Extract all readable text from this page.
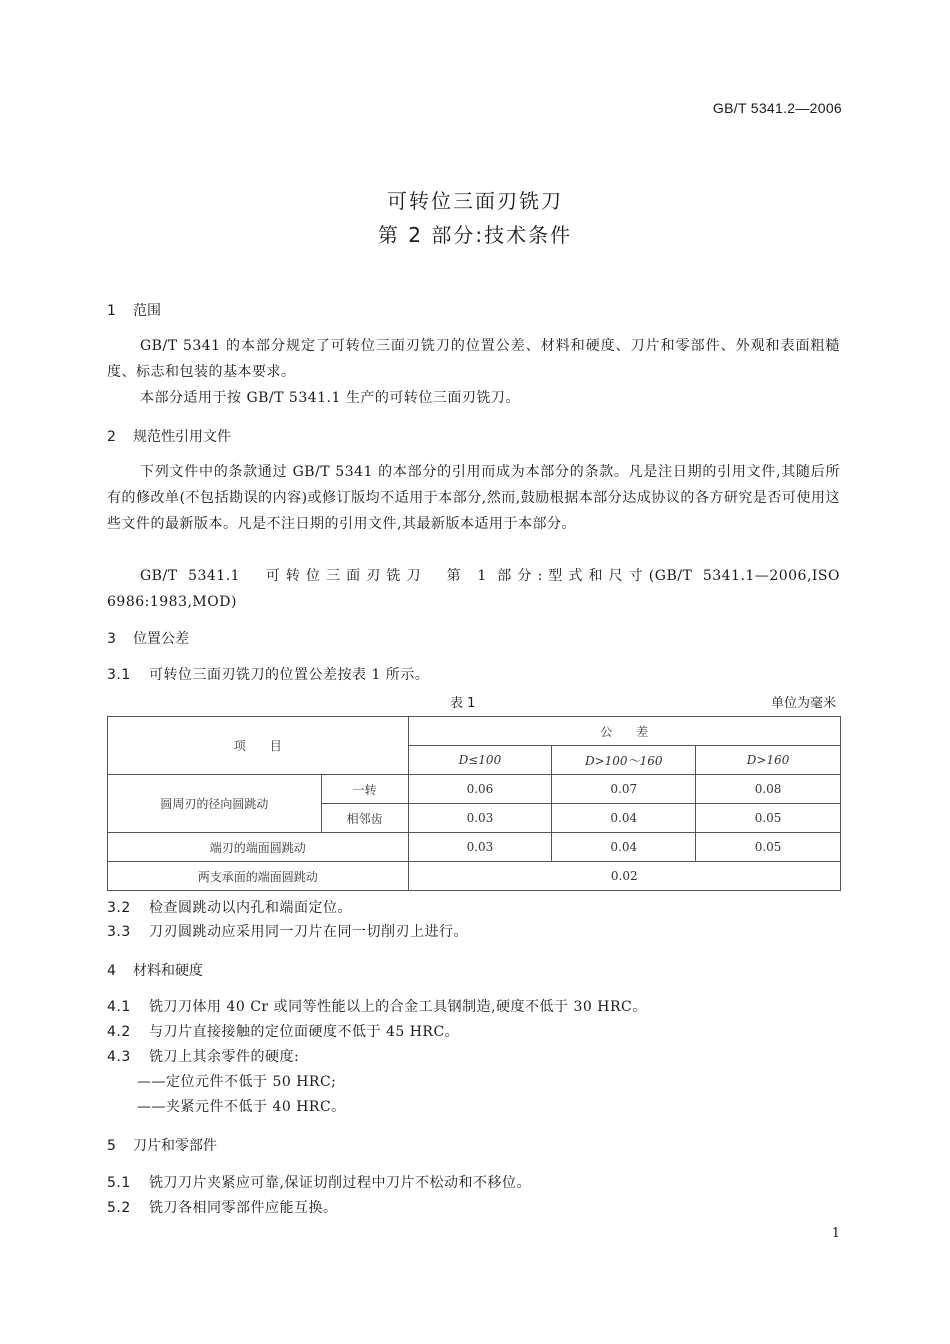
GB/T 5341.2—2006
可转位三面刃铣刀
第 2 部分:技术条件
1 范围
GB/T 5341 的本部分规定了可转位三面刃铣刀的位置公差、材料和硬度、刀片和零部件、外观和表面粗糙度、标志和包装的基本要求。
本部分适用于按 GB/T 5341.1 生产的可转位三面刃铣刀。
2 规范性引用文件
下列文件中的条款通过 GB/T 5341 的本部分的引用而成为本部分的条款。凡是注日期的引用文件,其随后所有的修改单(不包括勘误的内容)或修订版均不适用于本部分,然而,鼓励根据本部分达成协议的各方研究是否可使用这些文件的最新版本。凡是不注日期的引用文件,其最新版本适用于本部分。
GB/T 5341.1　可转位三面刃铣刀　第 1 部分:型式和尺寸(GB/T 5341.1—2006,ISO 6986:1983,MOD)
3 位置公差
3.1 可转位三面刃铣刀的位置公差按表 1 所示。
表 1	单位为毫米
项　　目		公　　差		
		D≤100	D>100～160	D>160
圆周刃的径向圆跳动	一转	0.06	0.07	0.08
	相邻齿	0.03	0.04	0.05
端刃的端面圆跳动		0.03	0.04	0.05
两支承面的端面圆跳动		0.02		
3.2 检查圆跳动以内孔和端面定位。
3.3 刀刃圆跳动应采用同一刀片在同一切削刃上进行。
4 材料和硬度
4.1 铣刀刀体用 40 Cr 或同等性能以上的合金工具钢制造,硬度不低于 30 HRC。
4.2 与刀片直接接触的定位面硬度不低于 45 HRC。
4.3 铣刀上其余零件的硬度:
——定位元件不低于 50 HRC;
——夹紧元件不低于 40 HRC。
5 刀片和零部件
5.1 铣刀刀片夹紧应可靠,保证切削过程中刀片不松动和不移位。
5.2 铣刀各相同零部件应能互换。
1
